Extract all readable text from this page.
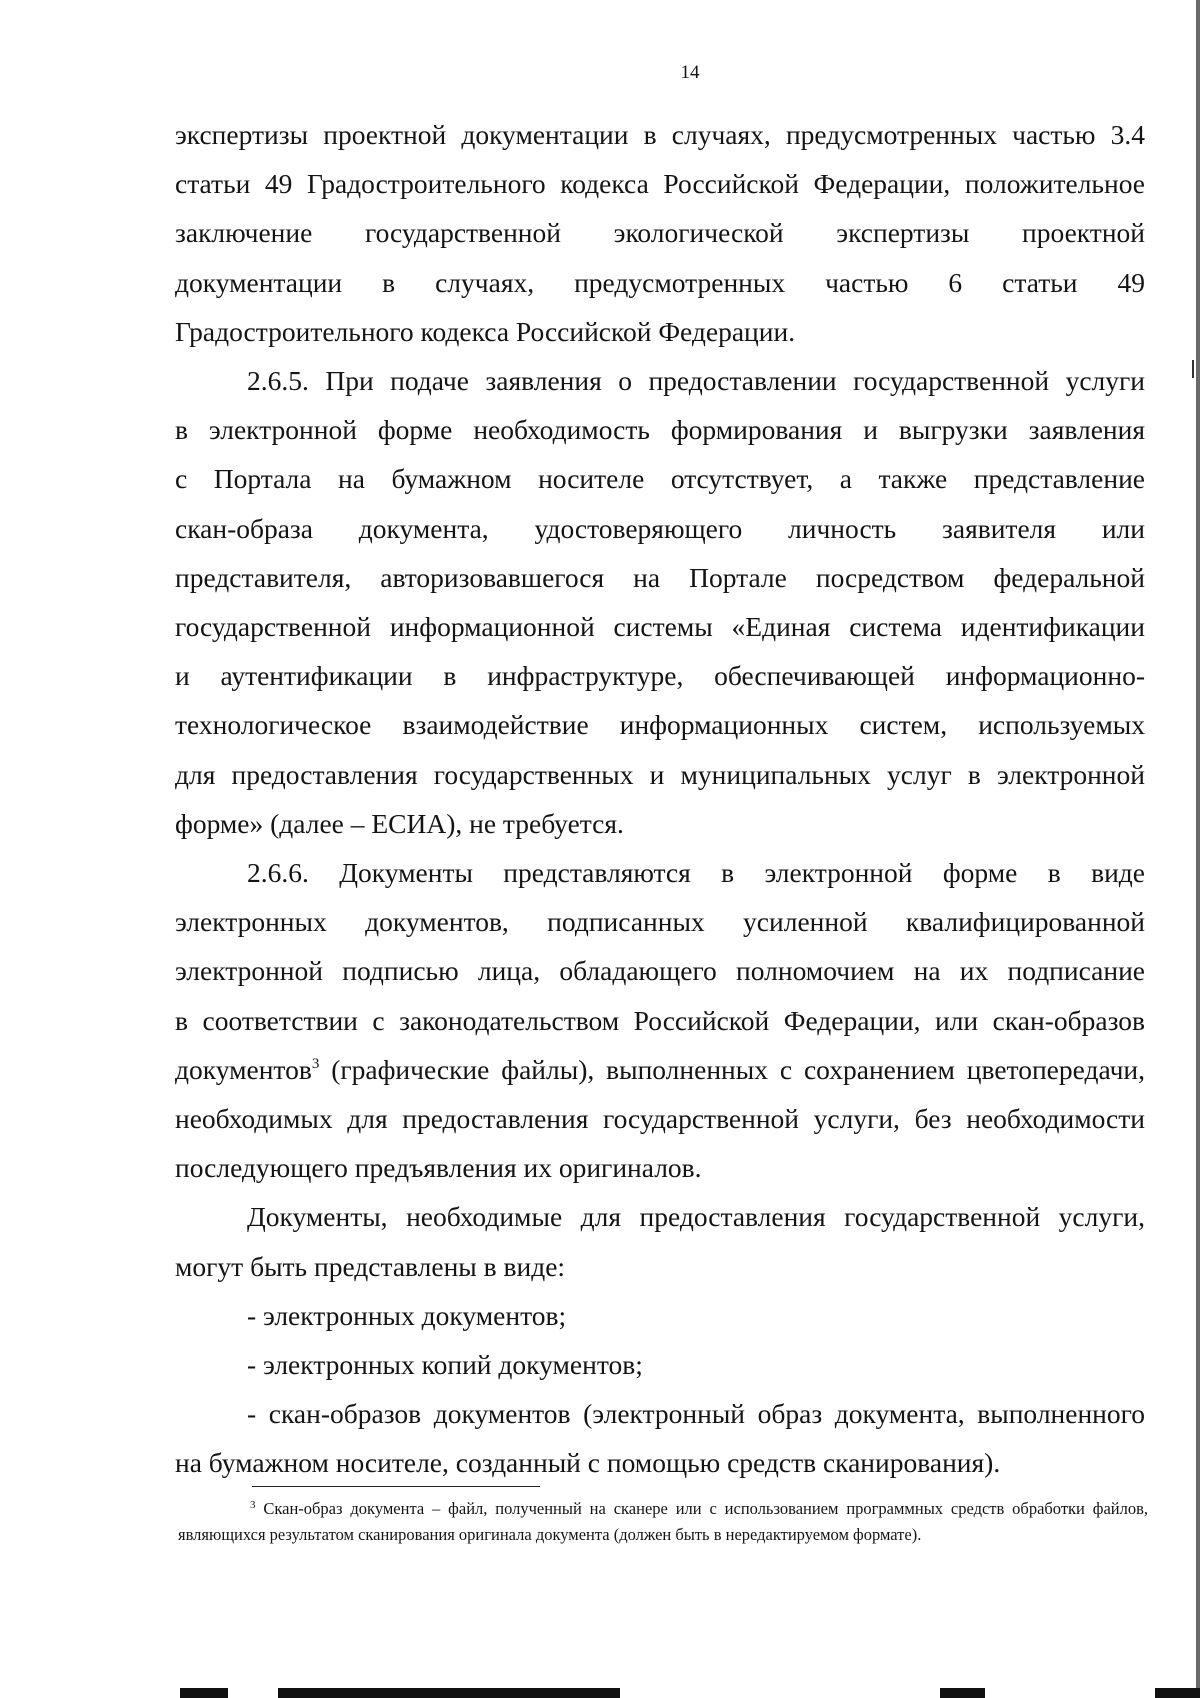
14

экспертизы проектной документации в случаях, предусмотренных частью 3.4

статьи 49 Градостроительного кодекса Российской Федерации, положительное

заключение государственной экологической экспертизы проектной

документации в случаях, предусмотренных частью 6 статьи 49

Градостроительного кодекса Российской Федерации.

2.6.5. При подаче заявления о предоставлении государственной услуги

в электронной форме необходимость формирования и выгрузки заявления

с Портала на бумажном носителе отсутствует, а также представление

скан-образа документа, удостоверяющего личность заявителя или

представителя, авторизовавшегося на Портале посредством федеральной

государственной информационной системы «Единая система идентификации

и аутентификации в инфраструктуре, обеспечивающей информационно-

технологическое взаимодействие информационных систем, используемых

для предоставления государственных и муниципальных услуг в электронной

форме» (далее – ЕСИА), не требуется.

2.6.6. Документы представляются в электронной форме в виде

электронных документов, подписанных усиленной квалифицированной

электронной подписью лица, обладающего полномочием на их подписание

в соответствии с законодательством Российской Федерации, или скан-образов

документов$^3$ (графические файлы), выполненных с сохранением цветопередачи,

необходимых для предоставления государственной услуги, без необходимости

последующего предъявления их оригиналов.

Документы, необходимые для предоставления государственной услуги,

могут быть представлены в виде:

- электронных документов;

- электронных копий документов;

- скан-образов документов (электронный образ документа, выполненного

на бумажном носителе, созданный с помощью средств сканирования).

$^3$ Скан-образ документа – файл, полученный на сканере или с использованием программных средств обработки файлов, являющихся результатом сканирования оригинала документа (должен быть в нередактируемом формате).
